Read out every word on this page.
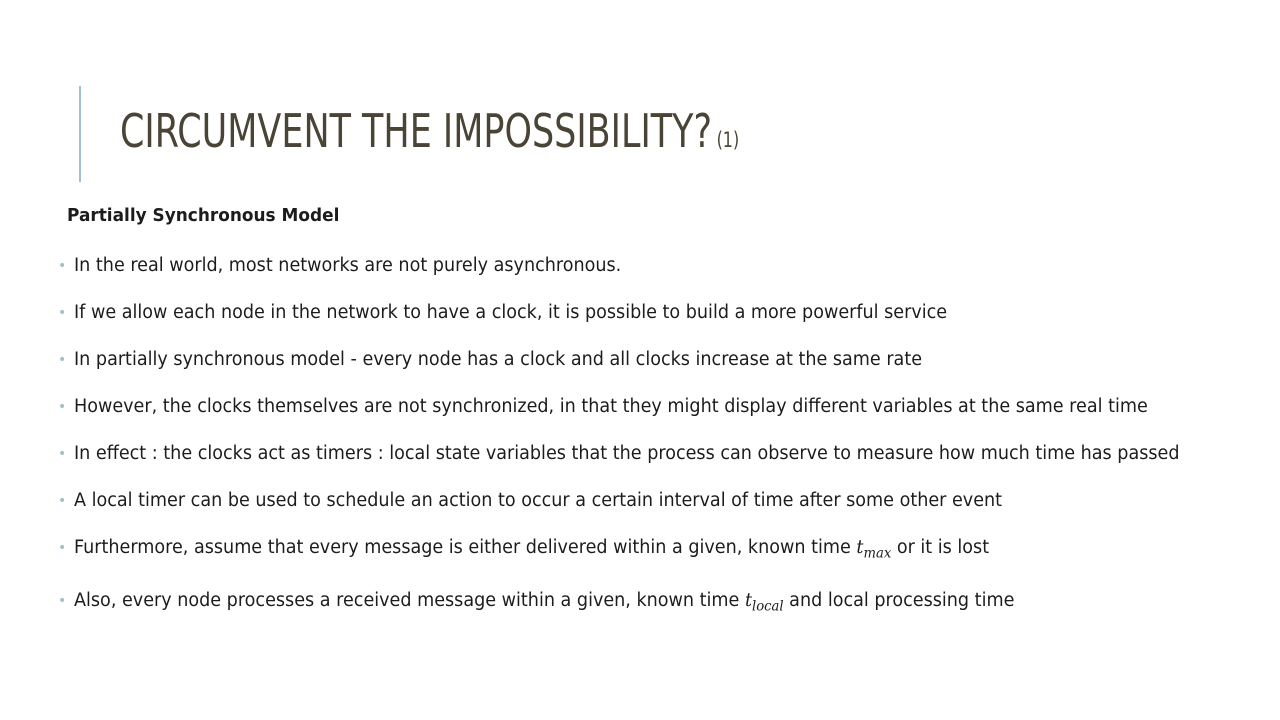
CIRCUMVENT THE IMPOSSIBILITY? (1)

Partially Synchronous Model

• In the real world, most networks are not purely asynchronous.
• If we allow each node in the network to have a clock, it is possible to build a more powerful service
• In partially synchronous model - every node has a clock and all clocks increase at the same rate
• However, the clocks themselves are not synchronized, in that they might display different variables at the same real time
• In effect : the clocks act as timers : local state variables that the process can observe to measure how much time has passed
• A local timer can be used to schedule an action to occur a certain interval of time after some other event
• Furthermore, assume that every message is either delivered within a given, known time $t_{max}$ or it is lost
• Also, every node processes a received message within a given, known time $t_{local}$ and local processing time
